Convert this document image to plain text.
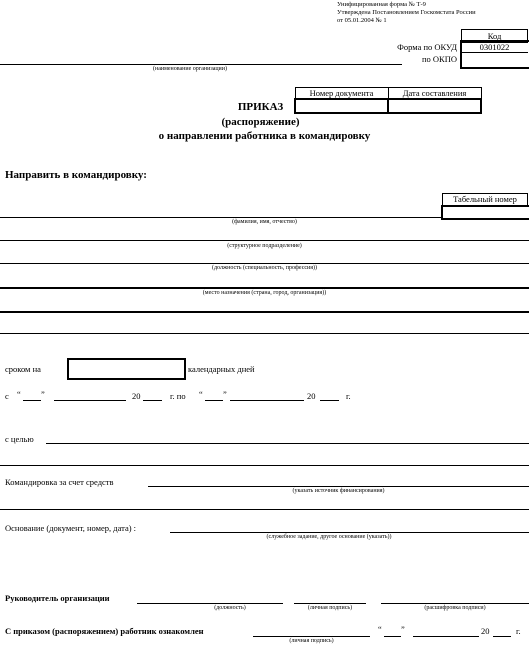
Унифицированная форма № Т-9
Утверждена Постановлением Госкомстата России
от 05.01.2004 № 1
Код
0301022
Форма по ОКУД
по ОКПО
(наименование организации)
Номер документа	Дата составления

ПРИКАЗ
(распоряжение)
о направлении работника в командировку
Направить в командировку:
Табельный номер
(фамилия, имя, отчество)
(структурное подразделение)
(должность (специальность, профессия))
(место назначения (страна, город, организация))
сроком на	календарных дней
с “ ”	20	г. по “ ”	20	г.
с целью
Командировка за счет средств
(указать источник финансирования)
Основание (документ, номер, дата) :
(служебное задание, другое основание (указать))
Руководитель организации
(должность)	(личная подпись)	(расшифровка подписи)
С приказом (распоряжением) работник ознакомлен
(личная подпись)
“ ”	20	г.
